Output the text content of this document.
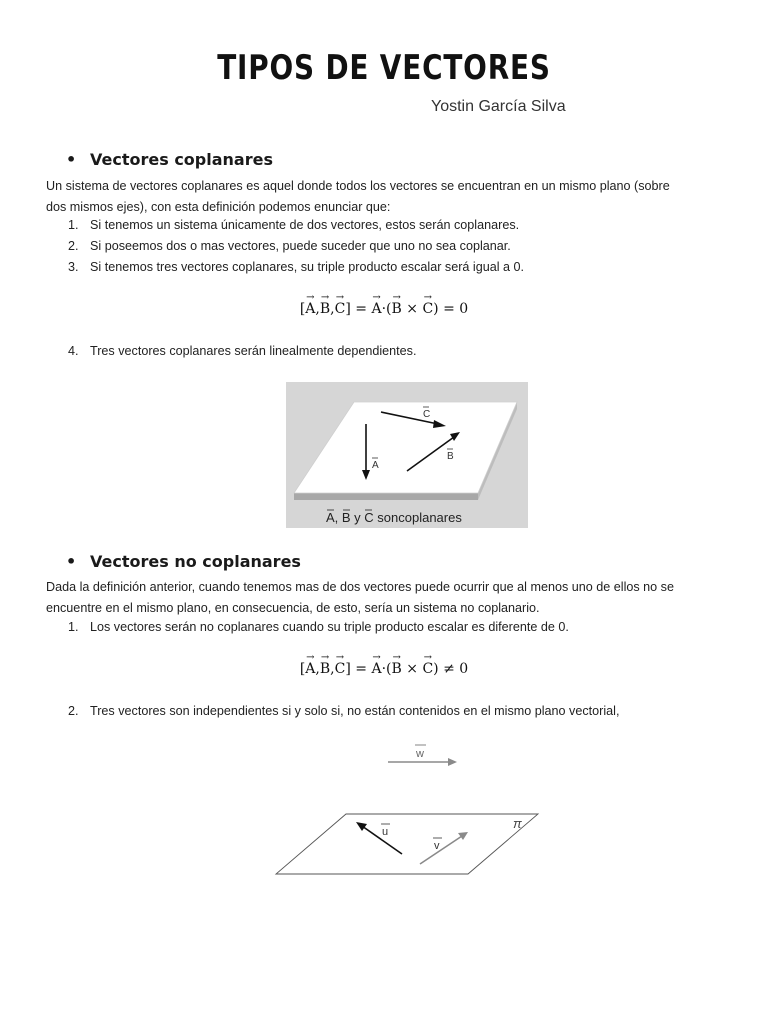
TIPOS DE VECTORES
Yostin García Silva
• Vectores coplanares
Un sistema de vectores coplanares es aquel donde todos los vectores se encuentran en un mismo plano (sobre
dos mismos ejes), con esta definición podemos enunciar que:
1. Si tenemos un sistema únicamente de dos vectores, estos serán coplanares.
2. Si poseemos dos o mas vectores, puede suceder que uno no sea coplanar.
3. Si tenemos tres vectores coplanares, su triple producto escalar será igual a 0.
[→ A,→ B,→ C] = → A·(→ B × → C) = 0
4. Tres vectores coplanares serán linealmente dependientes.
A
B
C
A, B y C soncoplanares
• Vectores no coplanares
Dada la definición anterior, cuando tenemos mas de dos vectores puede ocurrir que al menos uno de ellos no se
encuentre en el mismo plano, en consecuencia, de esto, sería un sistema no coplanario.
1. Los vectores serán no coplanares cuando su triple producto escalar es diferente de 0.
[→ A,→ B,→ C] = → A·(→ B × → C) ≠ 0
2. Tres vectores son independientes si y solo si, no están contenidos en el mismo plano vectorial,
w
π
u
v
